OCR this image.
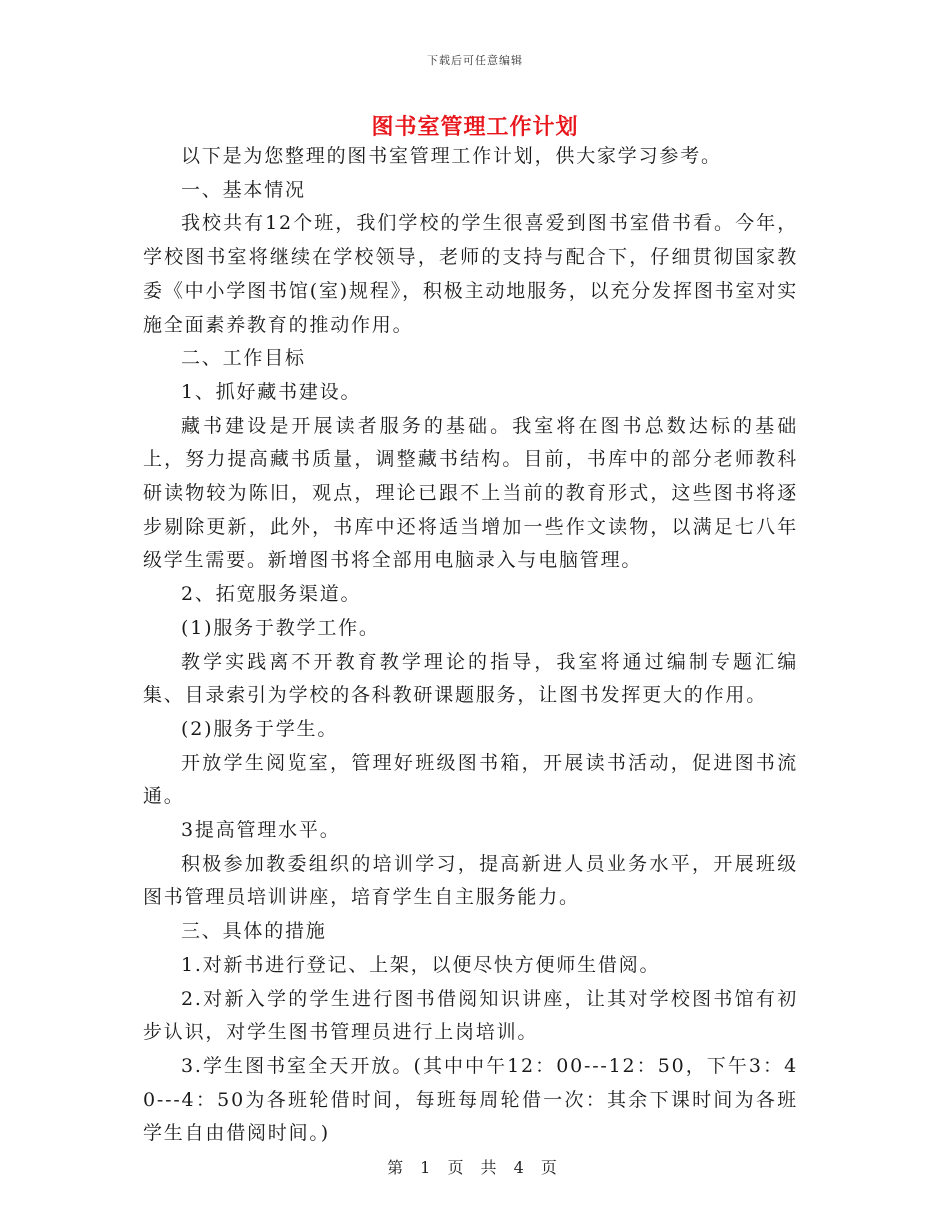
下载后可任意编辑
图书室管理工作计划

以下是为您整理的图书室管理工作计划，供大家学习参考。

一、基本情况

我校共有12个班，我们学校的学生很喜爱到图书室借书看。今年，学校图书室将继续在学校领导，老师的支持与配合下，仔细贯彻国家教委《中小学图书馆(室)规程》，积极主动地服务，以充分发挥图书室对实施全面素养教育的推动作用。

二、工作目标

1、抓好藏书建设。

藏书建设是开展读者服务的基础。我室将在图书总数达标的基础上，努力提高藏书质量，调整藏书结构。目前，书库中的部分老师教科研读物较为陈旧，观点，理论已跟不上当前的教育形式，这些图书将逐步剔除更新，此外，书库中还将适当增加一些作文读物，以满足七八年级学生需要。新增图书将全部用电脑录入与电脑管理。

2、拓宽服务渠道。

(1)服务于教学工作。

教学实践离不开教育教学理论的指导，我室将通过编制专题汇编集、目录索引为学校的各科教研课题服务，让图书发挥更大的作用。

(2)服务于学生。

开放学生阅览室，管理好班级图书箱，开展读书活动，促进图书流通。

3提高管理水平。

积极参加教委组织的培训学习，提高新进人员业务水平，开展班级图书管理员培训讲座，培育学生自主服务能力。

三、具体的措施

1.对新书进行登记、上架，以便尽快方便师生借阅。

2.对新入学的学生进行图书借阅知识讲座，让其对学校图书馆有初步认识，对学生图书管理员进行上岗培训。

3.学生图书室全天开放。(其中中午12：00---12：50，下午3：40---4：50为各班轮借时间，每班每周轮借一次：其余下课时间为各班学生自由借阅时间。)

第 1 页 共 4 页
